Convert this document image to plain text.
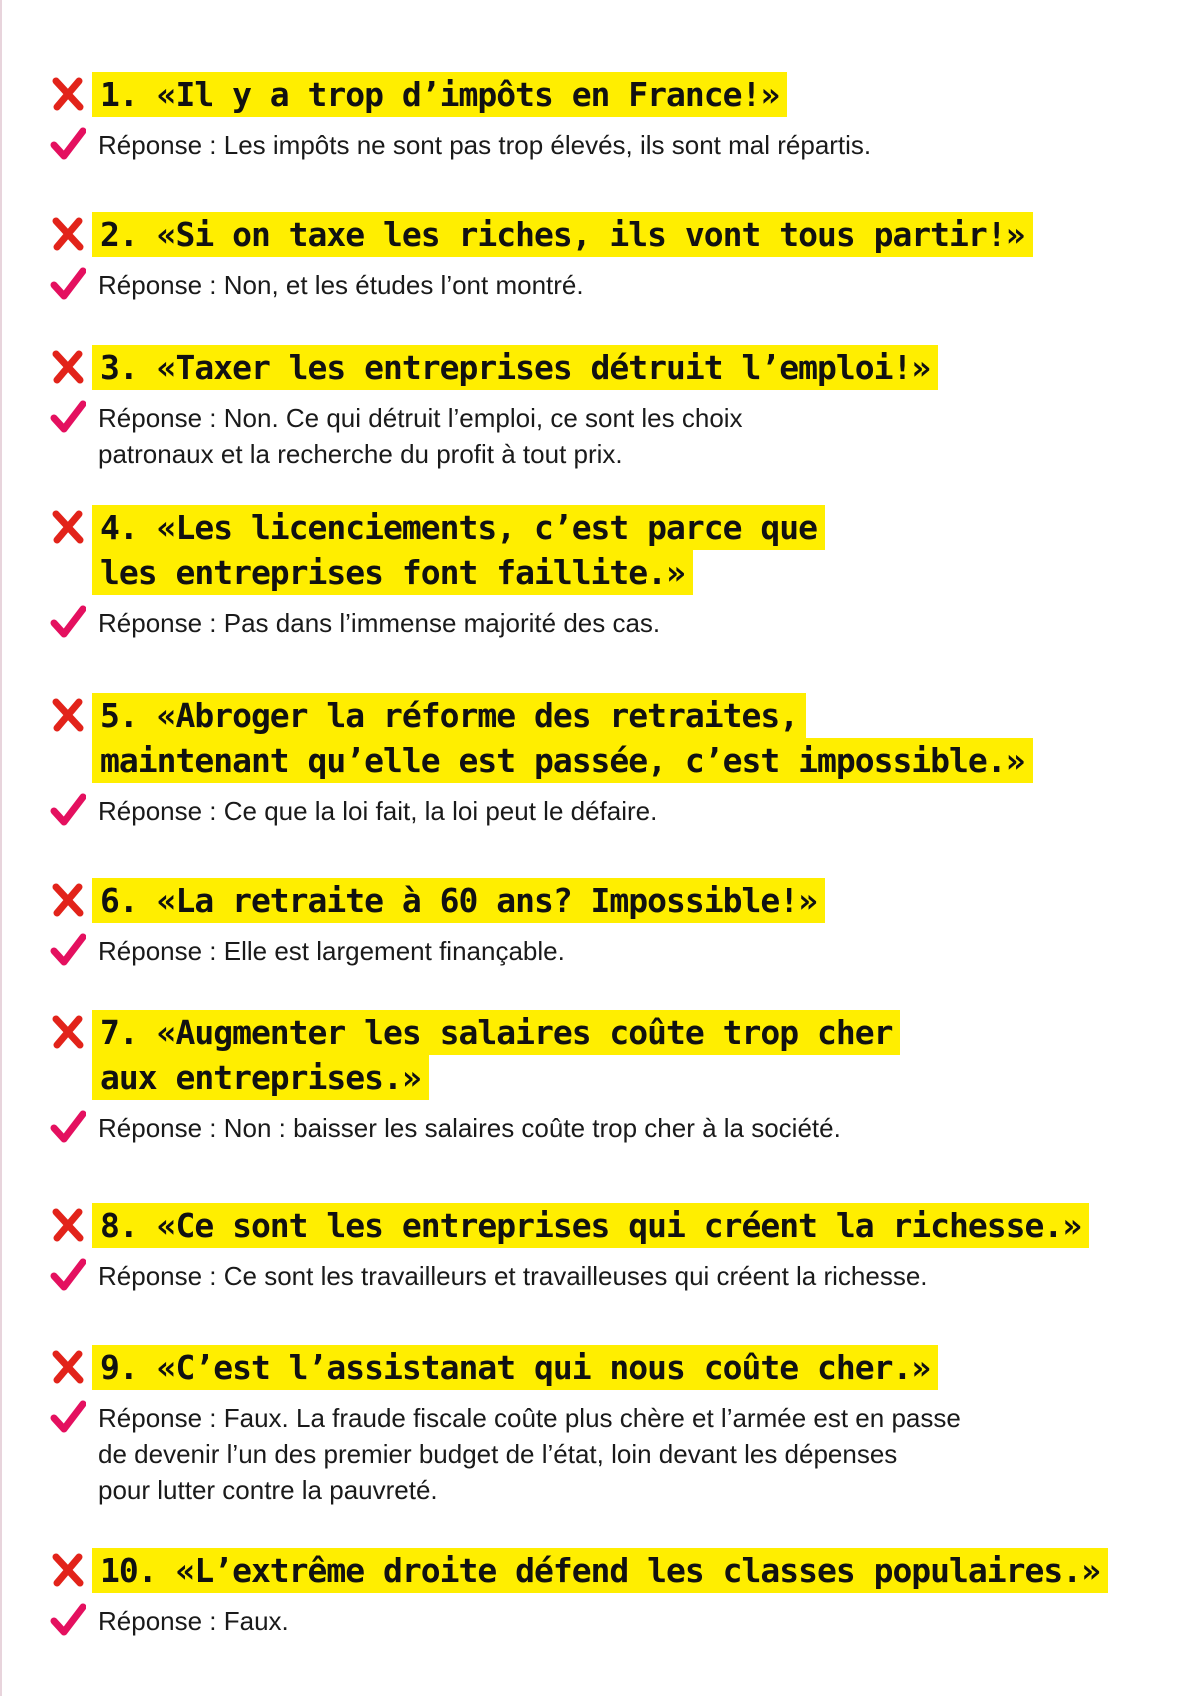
1. «Il y a trop d’impôts en France!»
Réponse : Les impôts ne sont pas trop élevés, ils sont mal répartis.
2. «Si on taxe les riches, ils vont tous partir!»
Réponse : Non, et les études l’ont montré.
3. «Taxer les entreprises détruit l’emploi!»
Réponse : Non. Ce qui détruit l’emploi, ce sont les choix
patronaux et la recherche du profit à tout prix.
4. «Les licenciements, c’est parce que
les entreprises font faillite.»
Réponse : Pas dans l’immense majorité des cas.
5. «Abroger la réforme des retraites,
maintenant qu’elle est passée, c’est impossible.»
Réponse : Ce que la loi fait, la loi peut le défaire.
6. «La retraite à 60 ans? Impossible!»
Réponse : Elle est largement finançable.
7. «Augmenter les salaires coûte trop cher
aux entreprises.»
Réponse : Non : baisser les salaires coûte trop cher à la société.
8. «Ce sont les entreprises qui créent la richesse.»
Réponse : Ce sont les travailleurs et travailleuses qui créent la richesse.
9. «C’est l’assistanat qui nous coûte cher.»
Réponse : Faux. La fraude fiscale coûte plus chère et l’armée est en passe
de devenir l’un des premier budget de l’état, loin devant les dépenses
pour lutter contre la pauvreté.
10. «L’extrême droite défend les classes populaires.»
Réponse : Faux.
